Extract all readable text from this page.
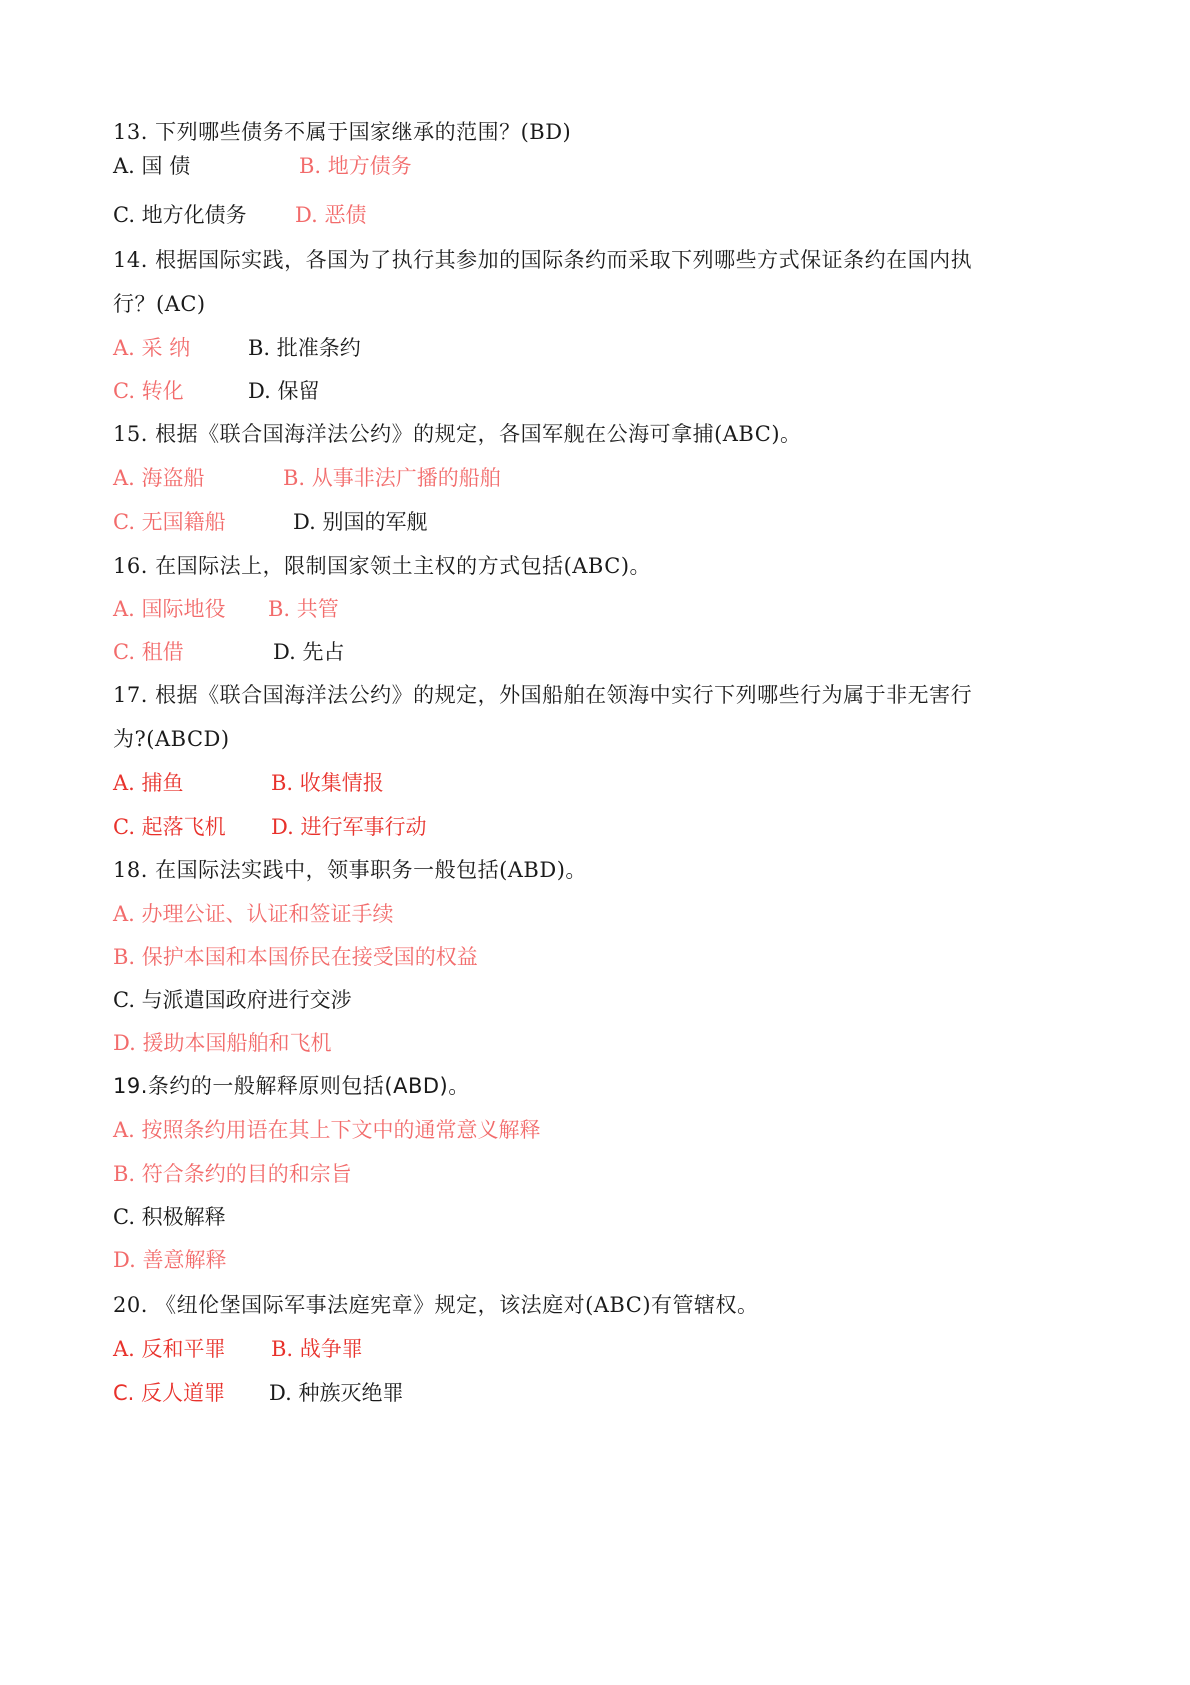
13. 下列哪些债务不属于国家继承的范围？(BD)
A. 国 债	B. 地方债务
C. 地方化债务 D. 恶债
14. 根据国际实践，各国为了执行其参加的国际条约而采取下列哪些方式保证条约在国内执
行？(AC)
A. 采 纳	B. 批准条约
C. 转化	D. 保留
15. 根据《联合国海洋法公约》的规定，各国军舰在公海可拿捕(ABC)。
A. 海盗船	B. 从事非法广播的船舶
C. 无国籍船	D. 别国的军舰
16. 在国际法上，限制国家领土主权的方式包括(ABC)。
A. 国际地役 B. 共管
C. 租借	D. 先占
17. 根据《联合国海洋法公约》的规定，外国船舶在领海中实行下列哪些行为属于非无害行
为?(ABCD)
A. 捕鱼	B. 收集情报
C. 起落飞机 D. 进行军事行动
18. 在国际法实践中，领事职务一般包括(ABD)。
A. 办理公证、认证和签证手续
B. 保护本国和本国侨民在接受国的权益
C. 与派遣国政府进行交涉
D. 援助本国船舶和飞机
19.条约的一般解释原则包括(ABD)。
A. 按照条约用语在其上下文中的通常意义解释
B. 符合条约的目的和宗旨
C. 积极解释
D. 善意解释
20. 《纽伦堡国际军事法庭宪章》规定，该法庭对(ABC)有管辖权。
A. 反和平罪 B. 战争罪
C. 反人道罪 D. 种族灭绝罪
